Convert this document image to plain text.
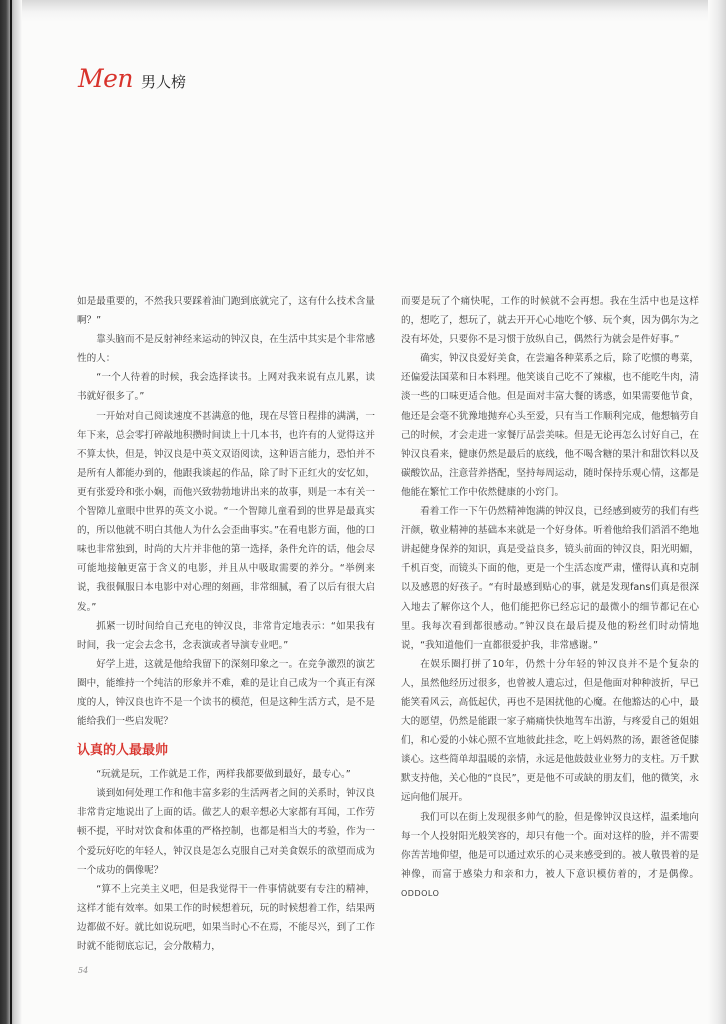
Men 男人榜

如是最重要的，不然我只要踩着油门跑到底就完了，这有什么技术含量啊？”

靠头脑而不是反射神经来运动的钟汉良，在生活中其实是个非常感性的人：

“一个人待着的时候，我会选择读书。上网对我来说有点儿累，读书就好很多了。”

一开始对自己阅读速度不甚满意的他，现在尽管日程排的满满，一年下来，总会零打碎敲地积攒时间读上十几本书，也许有的人觉得这并不算太快，但是，钟汉良是中英文双语阅读，这种语言能力，恐怕并不是所有人都能办到的，他跟我谈起的作品，除了时下正红火的安忆如，更有张爱玲和张小娴，而他兴致勃勃地讲出来的故事，则是一本有关一个智障儿童眼中世界的英文小说。“一个智障儿童看到的世界是最真实的，所以他就不明白其他人为什么会歪曲事实。”在看电影方面，他的口味也非常独到，时尚的大片并非他的第一选择，条件允许的话，他会尽可能地接触更富于含义的电影，并且从中吸取需要的养分。“举例来说，我很佩服日本电影中对心理的刻画，非常细腻，看了以后有很大启发。”

抓紧一切时间给自己充电的钟汉良，非常肯定地表示：“如果我有时间，我一定会去念书，念表演或者导演专业吧。”

好学上进，这就是他给我留下的深刻印象之一。在竞争激烈的演艺圈中，能维持一个纯洁的形象并不难，难的是让自己成为一个真正有深度的人，钟汉良也许不是一个读书的模范，但是这种生活方式，是不是能给我们一些启发呢？

认真的人最最帅

“玩就是玩，工作就是工作，两样我都要做到最好，最专心。”

谈到如何处理工作和他丰富多彩的生活两者之间的关系时，钟汉良非常肯定地说出了上面的话。做艺人的艰辛想必大家都有耳闻，工作劳顿不提，平时对饮食和体重的严格控制，也都是相当大的考验，作为一个爱玩好吃的年轻人，钟汉良是怎么克服自己对美食娱乐的欲望而成为一个成功的偶像呢？

“算不上完美主义吧，但是我觉得干一件事情就要有专注的精神，这样才能有效率。如果工作的时候想着玩，玩的时候想着工作，结果两边都做不好。就比如说玩吧，如果当时心不在焉，不能尽兴，到了工作时就不能彻底忘记，会分散精力，

而要是玩了个痛快呢，工作的时候就不会再想。我在生活中也是这样的，想吃了，想玩了，就去开开心心地吃个够、玩个爽，因为偶尔为之没有坏处，只要你不是习惯于放纵自己，偶然行为就会是件好事。”

确实，钟汉良爱好美食，在尝遍各种菜系之后，除了吃惯的粤菜，还偏爱法国菜和日本料理。他笑谈自己吃不了辣椒，也不能吃牛肉，清淡一些的口味更适合他。但是面对丰富大餐的诱惑，如果需要他节食，他还是会毫不犹豫地抛弃心头至爱，只有当工作顺利完成，他想犒劳自己的时候，才会走进一家餐厅品尝美味。但是无论再怎么讨好自己，在钟汉良看来，健康仍然是最后的底线，他不喝含糖的果汁和甜饮料以及碳酸饮品，注意营养搭配，坚持每周运动，随时保持乐观心情，这都是他能在繁忙工作中依然健康的小窍门。

看着工作一下午仍然精神饱满的钟汉良，已经感到疲劳的我们有些汗颜，敬业精神的基础本来就是一个好身体。听着他给我们滔滔不绝地讲起健身保养的知识，真是受益良多，镜头前面的钟汉良，阳光明媚，千机百变，而镜头下面的他，更是一个生活态度严肃，懂得认真和克制以及感恩的好孩子。“有时最感到贴心的事，就是发现fans们真是很深入地去了解你这个人，他们能把你已经忘记的最微小的细节都记在心里。我每次看到都很感动。”钟汉良在最后提及他的粉丝们时动情地说，“我知道他们一直都很爱护我，非常感谢。”

在娱乐圈打拼了10年，仍然十分年轻的钟汉良并不是个复杂的人，虽然他经历过很多，也曾被人遗忘过，但是他面对种种波折，早已能笑看风云，高低起伏，再也不是困扰他的心魔。在他豁达的心中，最大的愿望，仍然是能跟一家子痛痛快快地驾车出游，与疼爱自己的姐姐们，和心爱的小妹心照不宣地彼此挂念，吃上妈妈熬的汤，跟爸爸促膝谈心。这些简单却温暖的亲情，永远是他鼓鼓业业努力的支柱。万千默默支持他，关心他的“良民”，更是他不可或缺的朋友们，他的微笑，永远向他们展开。

我们可以在街上发现很多帅气的脸，但是像钟汉良这样，温柔地向每一个人投射阳光般笑容的，却只有他一个。面对这样的脸，并不需要你苦苦地仰望，他是可以通过欢乐的心灵来感受到的。被人敬畏着的是神像，而富于感染力和亲和力，被人下意识模仿着的，才是偶像。ODDOLO

54
